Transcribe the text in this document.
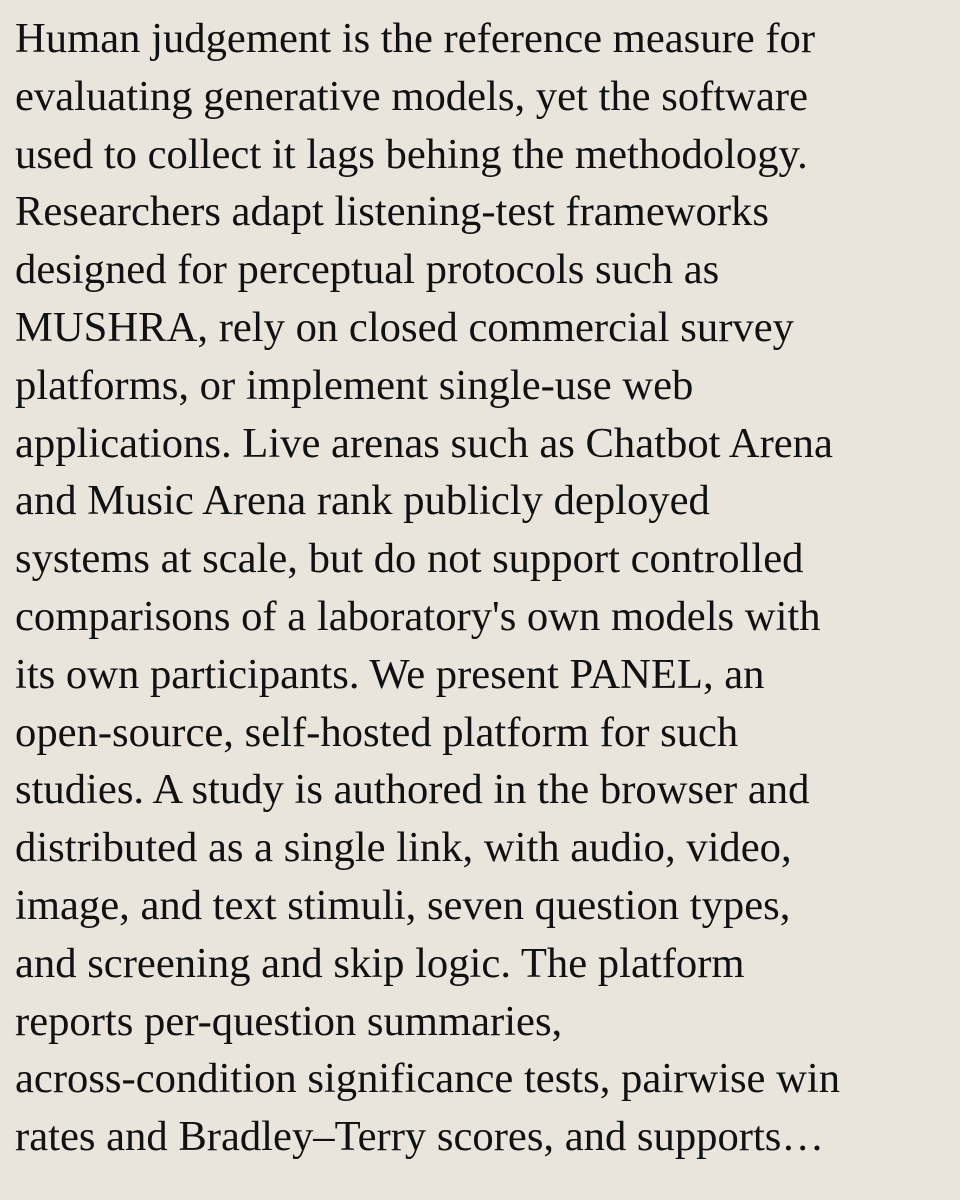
Human judgement is the reference measure for
evaluating generative models, yet the software
used to collect it lags behing the methodology.
Researchers adapt listening-test frameworks
designed for perceptual protocols such as
MUSHRA, rely on closed commercial survey
platforms, or implement single-use web
applications. Live arenas such as Chatbot Arena
and Music Arena rank publicly deployed
systems at scale, but do not support controlled
comparisons of a laboratory's own models with
its own participants. We present PANEL, an
open-source, self-hosted platform for such
studies. A study is authored in the browser and
distributed as a single link, with audio, video,
image, and text stimuli, seven question types,
and screening and skip logic. The platform
reports per-question summaries,
across-condition significance tests, pairwise win
rates and Bradley–Terry scores, and supports…
